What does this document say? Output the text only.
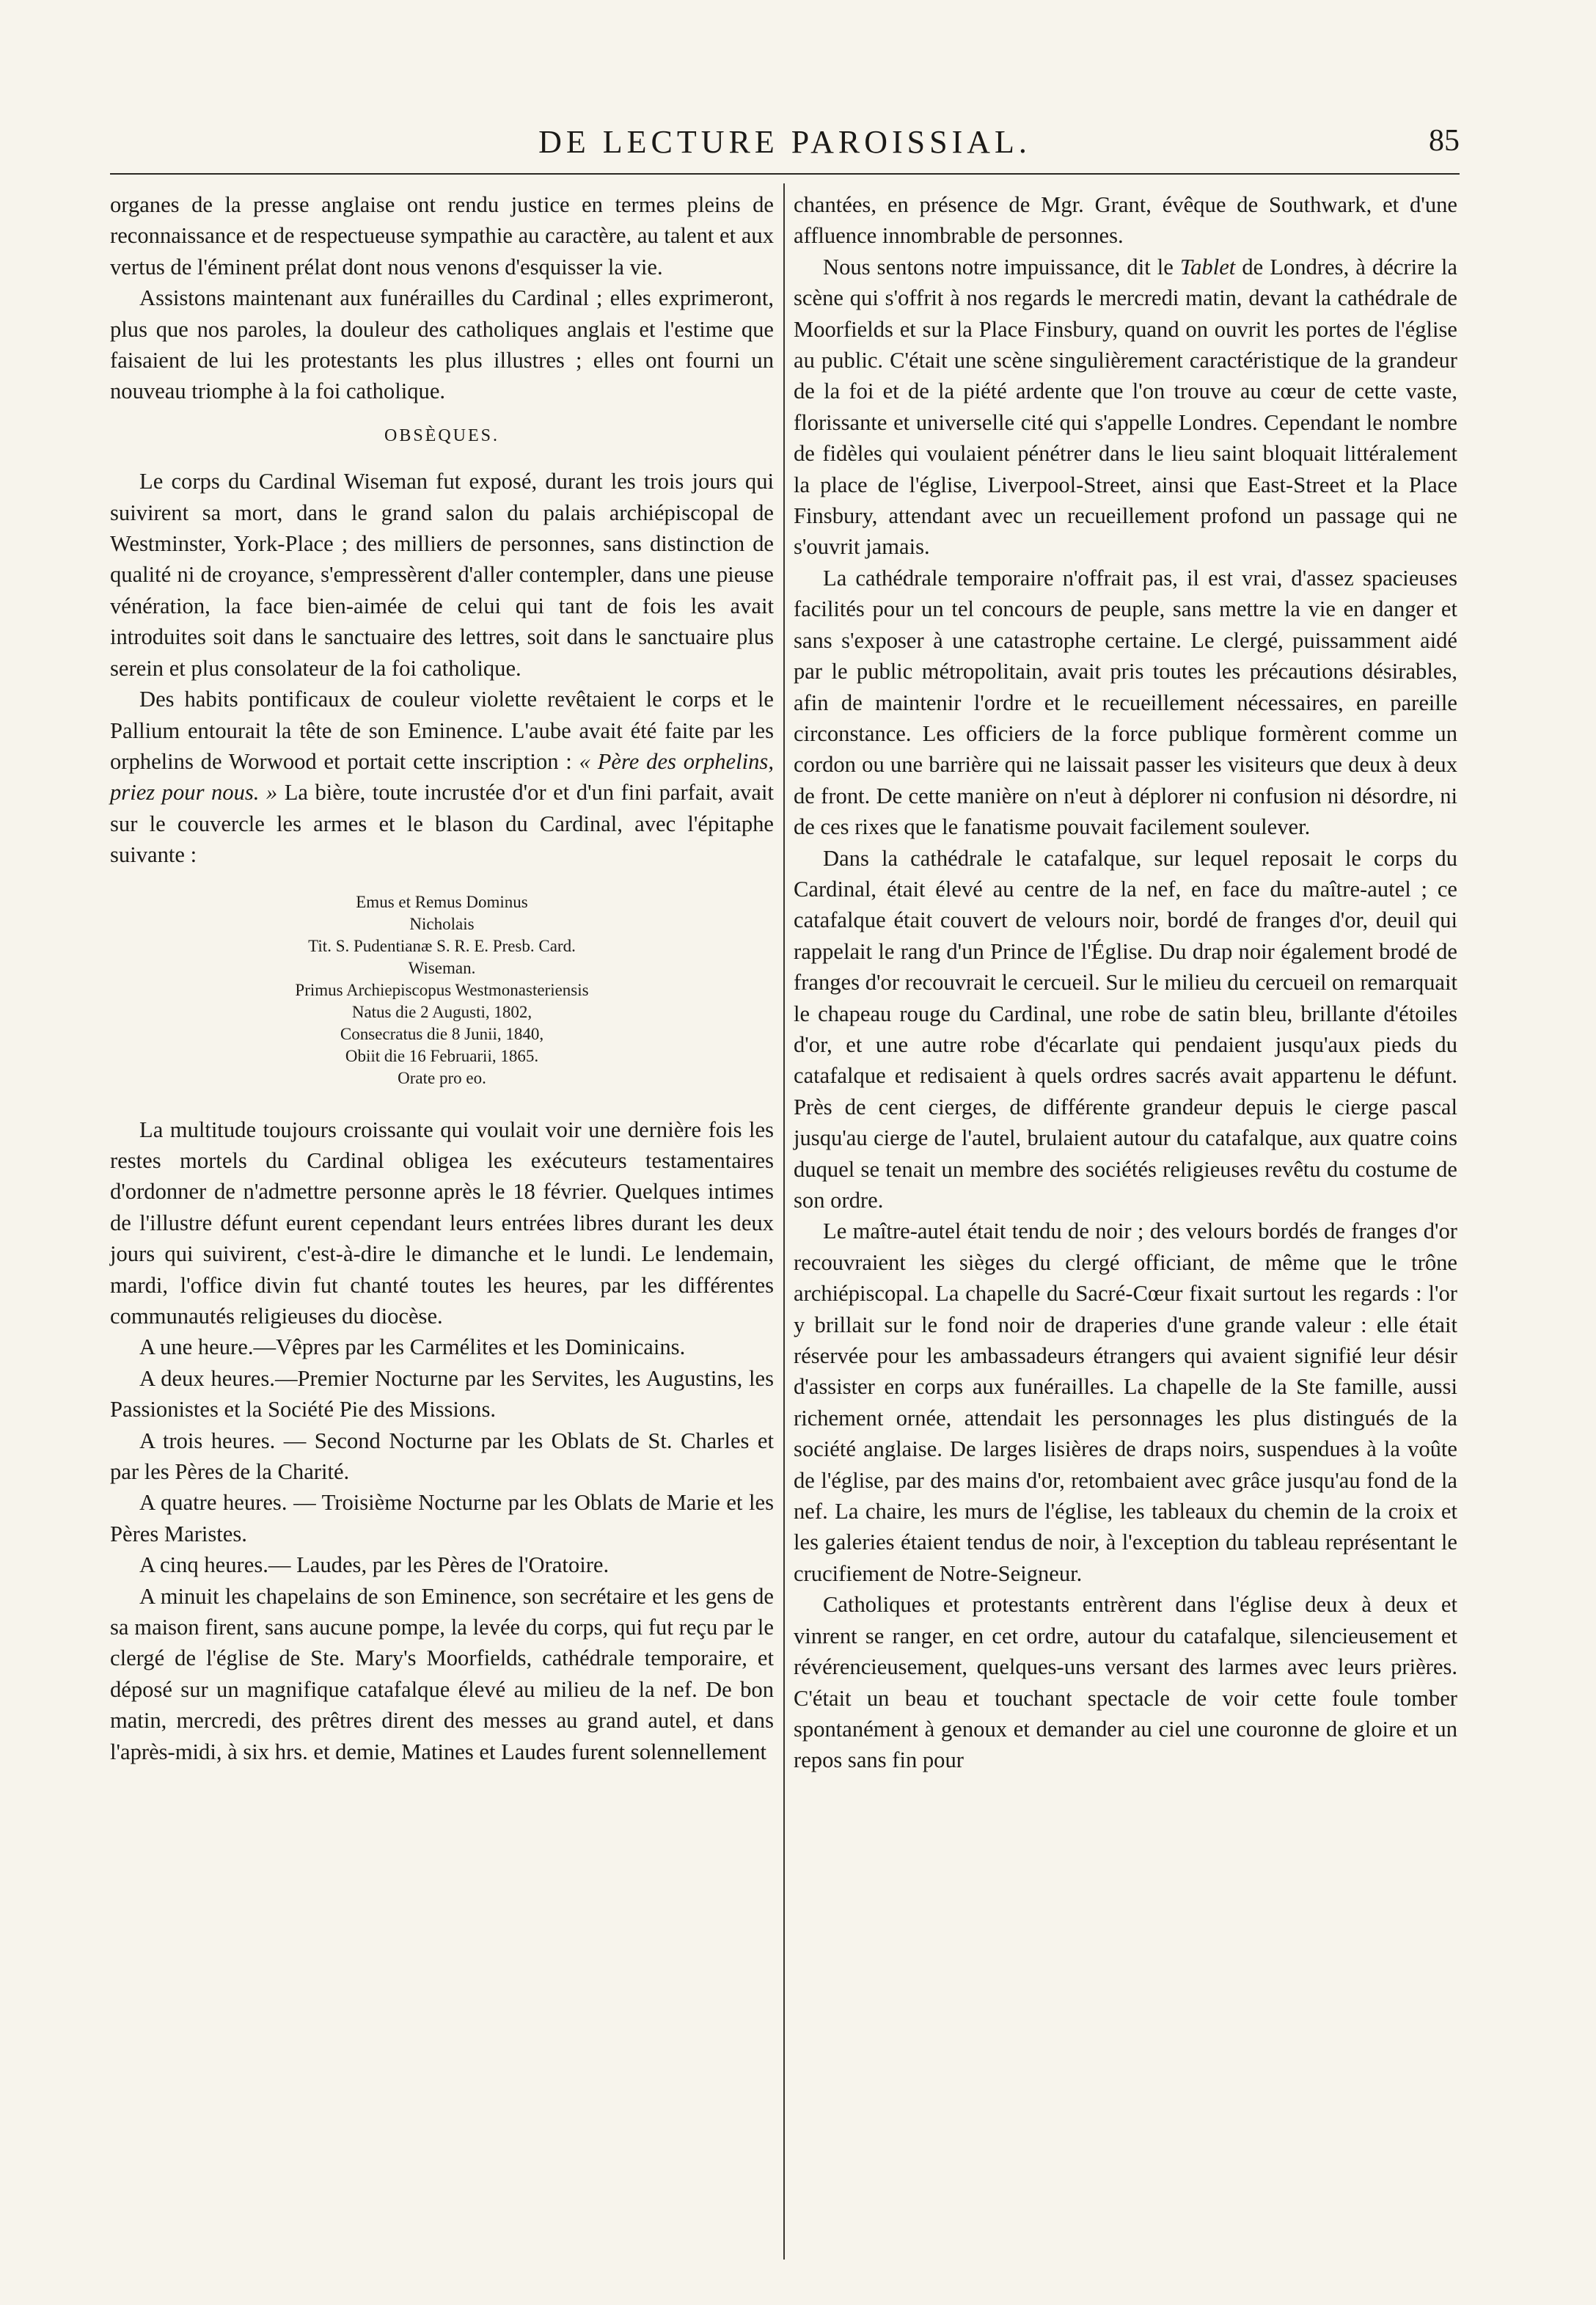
DE LECTURE PAROISSIAL.	85

organes de la presse anglaise ont rendu justice en termes pleins de reconnaissance et de respectueuse sympathie au caractère, au talent et aux vertus de l'éminent prélat dont nous venons d'esquisser la vie.

Assistons maintenant aux funérailles du Cardinal ; elles exprimeront, plus que nos paroles, la douleur des catholiques anglais et l'estime que faisaient de lui les protestants les plus illustres ; elles ont fourni un nouveau triomphe à la foi catholique.

OBSÈQUES.

Le corps du Cardinal Wiseman fut exposé, durant les trois jours qui suivirent sa mort, dans le grand salon du palais archiépiscopal de Westminster, York-Place ; des milliers de personnes, sans distinction de qualité ni de croyance, s'empressèrent d'aller contempler, dans une pieuse vénération, la face bien-aimée de celui qui tant de fois les avait introduites soit dans le sanctuaire des lettres, soit dans le sanctuaire plus serein et plus consolateur de la foi catholique.

Des habits pontificaux de couleur violette revêtaient le corps et le Pallium entourait la tête de son Eminence. L'aube avait été faite par les orphelins de Worwood et portait cette inscription : « Père des orphelins, priez pour nous. » La bière, toute incrustée d'or et d'un fini parfait, avait sur le couvercle les armes et le blason du Cardinal, avec l'épitaphe suivante :

Emus et Remus Dominus
Nicholais
Tit. S. Pudentianæ S. R. E. Presb. Card.
Wiseman.
Primus Archiepiscopus Westmonasteriensis
Natus die 2 Augusti, 1802,
Consecratus die 8 Junii, 1840,
Obiit die 16 Februarii, 1865.
Orate pro eo.

La multitude toujours croissante qui voulait voir une dernière fois les restes mortels du Cardinal obligea les exécuteurs testamentaires d'ordonner de n'admettre personne après le 18 février. Quelques intimes de l'illustre défunt eurent cependant leurs entrées libres durant les deux jours qui suivirent, c'est-à-dire le dimanche et le lundi. Le lendemain, mardi, l'office divin fut chanté toutes les heures, par les différentes communautés religieuses du diocèse.

A une heure.—Vêpres par les Carmélites et les Dominicains.

A deux heures.—Premier Nocturne par les Servites, les Augustins, les Passionistes et la Société Pie des Missions.

A trois heures. — Second Nocturne par les Oblats de St. Charles et par les Pères de la Charité.

A quatre heures. — Troisième Nocturne par les Oblats de Marie et les Pères Maristes.

A cinq heures.— Laudes, par les Pères de l'Oratoire.

A minuit les chapelains de son Eminence, son secrétaire et les gens de sa maison firent, sans aucune pompe, la levée du corps, qui fut reçu par le clergé de l'église de Ste. Mary's Moorfields, cathédrale temporaire, et déposé sur un magnifique catafalque élevé au milieu de la nef. De bon matin, mercredi, des prêtres dirent des messes au grand autel, et dans l'après-midi, à six hrs. et demie, Matines et Laudes furent solennellement

chantées, en présence de Mgr. Grant, évêque de Southwark, et d'une affluence innombrable de personnes.

Nous sentons notre impuissance, dit le Tablet de Londres, à décrire la scène qui s'offrit à nos regards le mercredi matin, devant la cathédrale de Moorfields et sur la Place Finsbury, quand on ouvrit les portes de l'église au public. C'était une scène singulièrement caractéristique de la grandeur de la foi et de la piété ardente que l'on trouve au cœur de cette vaste, florissante et universelle cité qui s'appelle Londres. Cependant le nombre de fidèles qui voulaient pénétrer dans le lieu saint bloquait littéralement la place de l'église, Liverpool-Street, ainsi que East-Street et la Place Finsbury, attendant avec un recueillement profond un passage qui ne s'ouvrit jamais.

La cathédrale temporaire n'offrait pas, il est vrai, d'assez spacieuses facilités pour un tel concours de peuple, sans mettre la vie en danger et sans s'exposer à une catastrophe certaine. Le clergé, puissamment aidé par le public métropolitain, avait pris toutes les précautions désirables, afin de maintenir l'ordre et le recueillement nécessaires, en pareille circonstance. Les officiers de la force publique formèrent comme un cordon ou une barrière qui ne laissait passer les visiteurs que deux à deux de front. De cette manière on n'eut à déplorer ni confusion ni désordre, ni de ces rixes que le fanatisme pouvait facilement soulever.

Dans la cathédrale le catafalque, sur lequel reposait le corps du Cardinal, était élevé au centre de la nef, en face du maître-autel ; ce catafalque était couvert de velours noir, bordé de franges d'or, deuil qui rappelait le rang d'un Prince de l'Église. Du drap noir également brodé de franges d'or recouvrait le cercueil. Sur le milieu du cercueil on remarquait le chapeau rouge du Cardinal, une robe de satin bleu, brillante d'étoiles d'or, et une autre robe d'écarlate qui pendaient jusqu'aux pieds du catafalque et redisaient à quels ordres sacrés avait appartenu le défunt. Près de cent cierges, de différente grandeur depuis le cierge pascal jusqu'au cierge de l'autel, brulaient autour du catafalque, aux quatre coins duquel se tenait un membre des sociétés religieuses revêtu du costume de son ordre.

Le maître-autel était tendu de noir ; des velours bordés de franges d'or recouvraient les sièges du clergé officiant, de même que le trône archiépiscopal. La chapelle du Sacré-Cœur fixait surtout les regards : l'or y brillait sur le fond noir de draperies d'une grande valeur : elle était réservée pour les ambassadeurs étrangers qui avaient signifié leur désir d'assister en corps aux funérailles. La chapelle de la Ste famille, aussi richement ornée, attendait les personnages les plus distingués de la société anglaise. De larges lisières de draps noirs, suspendues à la voûte de l'église, par des mains d'or, retombaient avec grâce jusqu'au fond de la nef. La chaire, les murs de l'église, les tableaux du chemin de la croix et les galeries étaient tendus de noir, à l'exception du tableau représentant le crucifiement de Notre-Seigneur.

Catholiques et protestants entrèrent dans l'église deux à deux et vinrent se ranger, en cet ordre, autour du catafalque, silencieusement et révérencieusement, quelques-uns versant des larmes avec leurs prières. C'était un beau et touchant spectacle de voir cette foule tomber spontanément à genoux et demander au ciel une couronne de gloire et un repos sans fin pour
